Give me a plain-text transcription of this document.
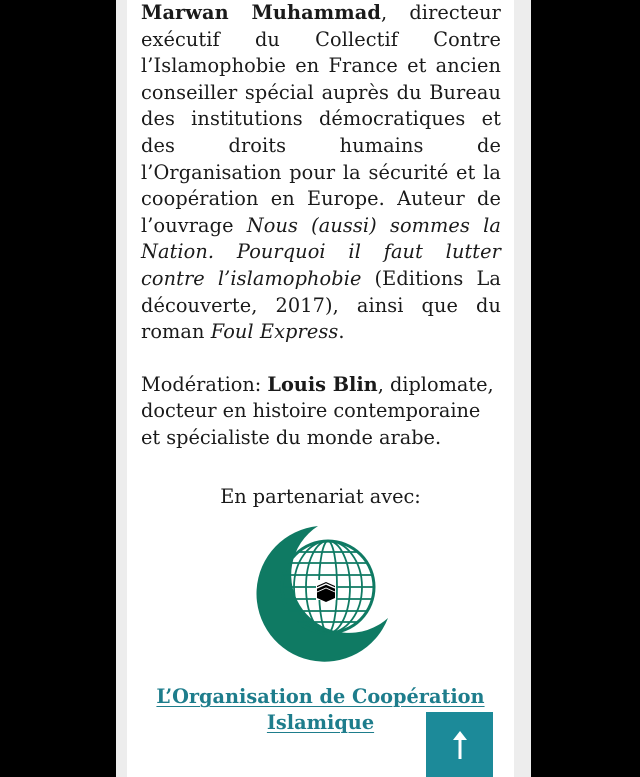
Marwan Muhammad, directeur exécutif du Collectif Contre l’Islamophobie en France et ancien conseiller spécial auprès du Bureau des institutions démocratiques et des droits humains de l’Organisation pour la sécurité et la coopération en Europe. Auteur de l’ouvrage Nous (aussi) sommes la Nation. Pourquoi il faut lutter contre l’islamophobie (Editions La découverte, 2017), ainsi que du roman Foul Express.

Modération: Louis Blin, diplomate, docteur en histoire contemporaine et spécialiste du monde arabe.

En partenariat avec:
L’Organisation de Coopération Islamique
